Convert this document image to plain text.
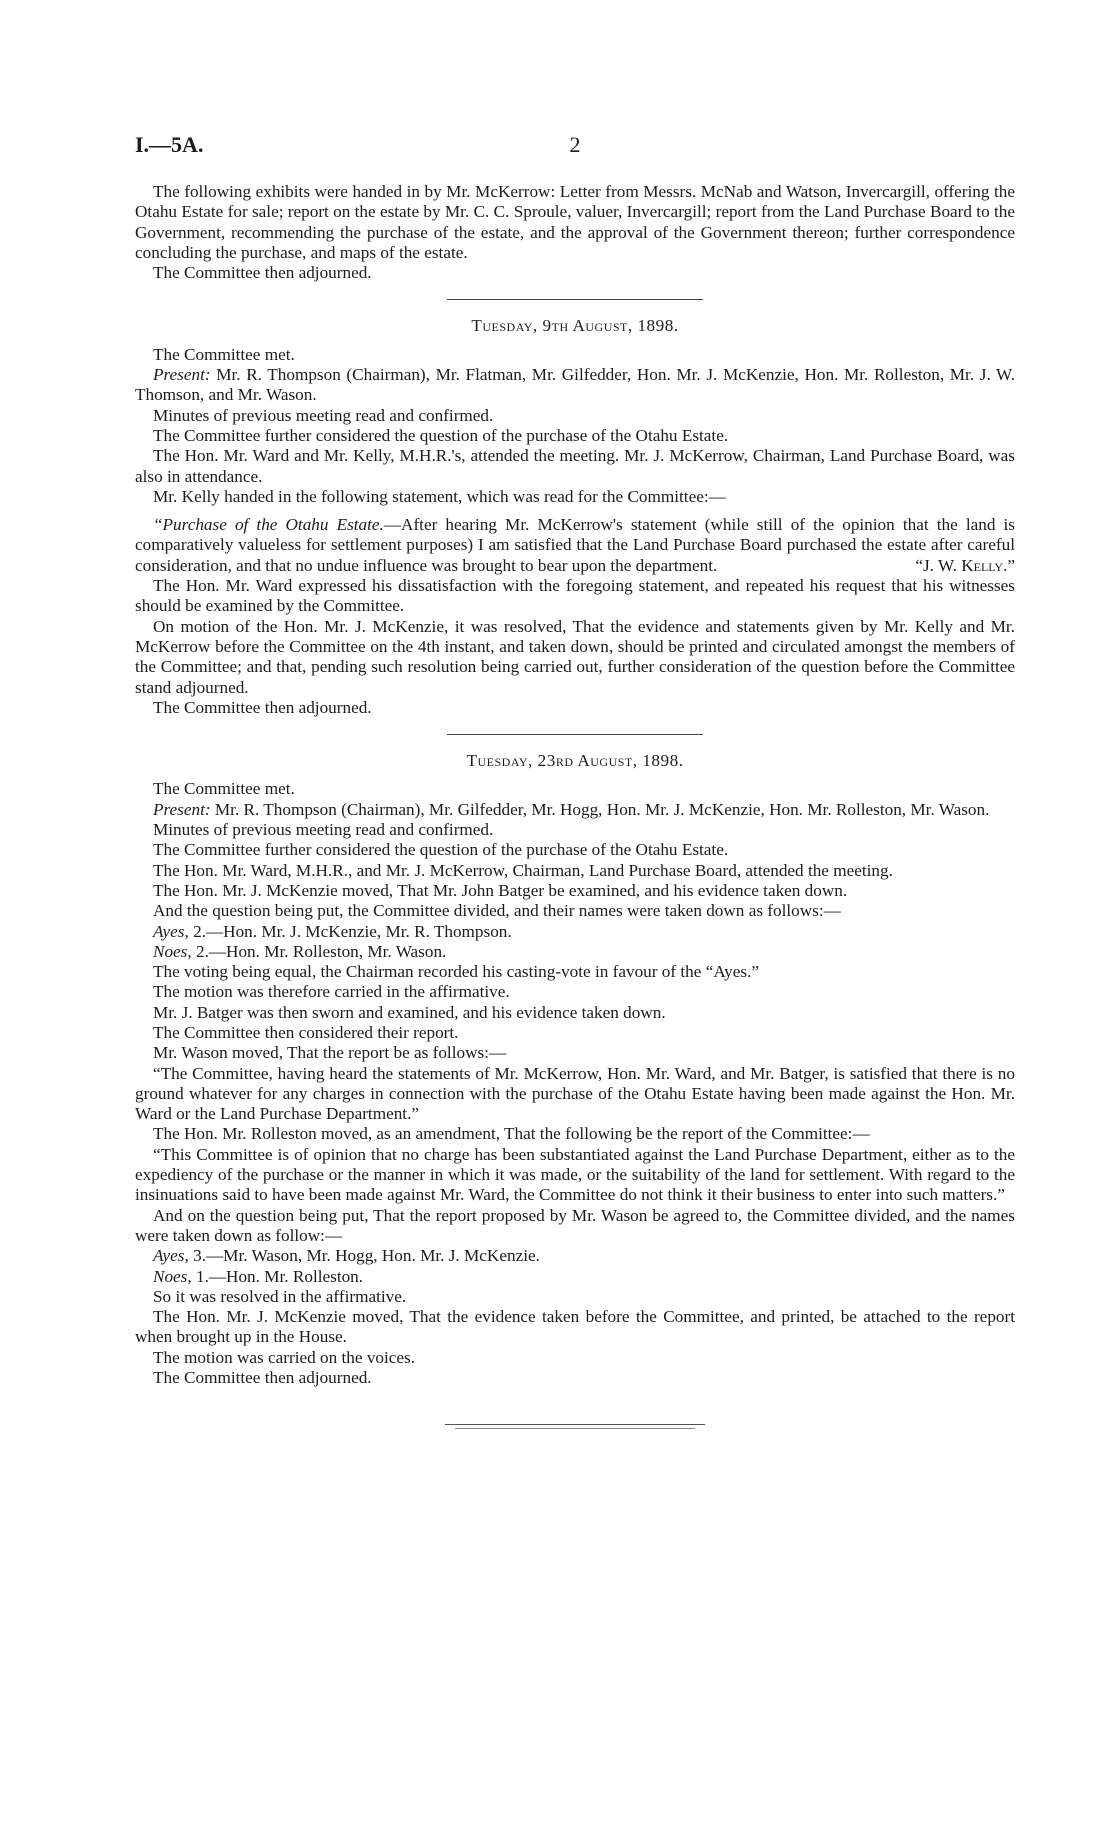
I.—5A.	2

The following exhibits were handed in by Mr. McKerrow: Letter from Messrs. McNab and Watson, Invercargill, offering the Otahu Estate for sale; report on the estate by Mr. C. C. Sproule, valuer, Invercargill; report from the Land Purchase Board to the Government, recommending the purchase of the estate, and the approval of the Government thereon; further correspondence concluding the purchase, and maps of the estate.

The Committee then adjourned.

Tuesday, 9th August, 1898.

The Committee met.

Present: Mr. R. Thompson (Chairman), Mr. Flatman, Mr. Gilfedder, Hon. Mr. J. McKenzie, Hon. Mr. Rolleston, Mr. J. W. Thomson, and Mr. Wason.

Minutes of previous meeting read and confirmed.

The Committee further considered the question of the purchase of the Otahu Estate.

The Hon. Mr. Ward and Mr. Kelly, M.H.R.'s, attended the meeting. Mr. J. McKerrow, Chairman, Land Purchase Board, was also in attendance.

Mr. Kelly handed in the following statement, which was read for the Committee:—

“Purchase of the Otahu Estate.—After hearing Mr. McKerrow's statement (while still of the opinion that the land is comparatively valueless for settlement purposes) I am satisfied that the Land Purchase Board purchased the estate after careful consideration, and that no undue influence was brought to bear upon the department.	“J. W. Kelly.”

The Hon. Mr. Ward expressed his dissatisfaction with the foregoing statement, and repeated his request that his witnesses should be examined by the Committee.

On motion of the Hon. Mr. J. McKenzie, it was resolved, That the evidence and statements given by Mr. Kelly and Mr. McKerrow before the Committee on the 4th instant, and taken down, should be printed and circulated amongst the members of the Committee; and that, pending such resolution being carried out, further consideration of the question before the Committee stand adjourned.

The Committee then adjourned.

Tuesday, 23rd August, 1898.

The Committee met.

Present: Mr. R. Thompson (Chairman), Mr. Gilfedder, Mr. Hogg, Hon. Mr. J. McKenzie, Hon. Mr. Rolleston, Mr. Wason.

Minutes of previous meeting read and confirmed.

The Committee further considered the question of the purchase of the Otahu Estate.

The Hon. Mr. Ward, M.H.R., and Mr. J. McKerrow, Chairman, Land Purchase Board, attended the meeting.

The Hon. Mr. J. McKenzie moved, That Mr. John Batger be examined, and his evidence taken down.

And the question being put, the Committee divided, and their names were taken down as follows:—

Ayes, 2.—Hon. Mr. J. McKenzie, Mr. R. Thompson.

Noes, 2.—Hon. Mr. Rolleston, Mr. Wason.

The voting being equal, the Chairman recorded his casting-vote in favour of the “Ayes.”

The motion was therefore carried in the affirmative.

Mr. J. Batger was then sworn and examined, and his evidence taken down.

The Committee then considered their report.

Mr. Wason moved, That the report be as follows:—

“The Committee, having heard the statements of Mr. McKerrow, Hon. Mr. Ward, and Mr. Batger, is satisfied that there is no ground whatever for any charges in connection with the purchase of the Otahu Estate having been made against the Hon. Mr. Ward or the Land Purchase Department.”

The Hon. Mr. Rolleston moved, as an amendment, That the following be the report of the Committee:—

“This Committee is of opinion that no charge has been substantiated against the Land Purchase Department, either as to the expediency of the purchase or the manner in which it was made, or the suitability of the land for settlement. With regard to the insinuations said to have been made against Mr. Ward, the Committee do not think it their business to enter into such matters.”

And on the question being put, That the report proposed by Mr. Wason be agreed to, the Committee divided, and the names were taken down as follow:—

Ayes, 3.—Mr. Wason, Mr. Hogg, Hon. Mr. J. McKenzie.

Noes, 1.—Hon. Mr. Rolleston.

So it was resolved in the affirmative.

The Hon. Mr. J. McKenzie moved, That the evidence taken before the Committee, and printed, be attached to the report when brought up in the House.

The motion was carried on the voices.

The Committee then adjourned.
